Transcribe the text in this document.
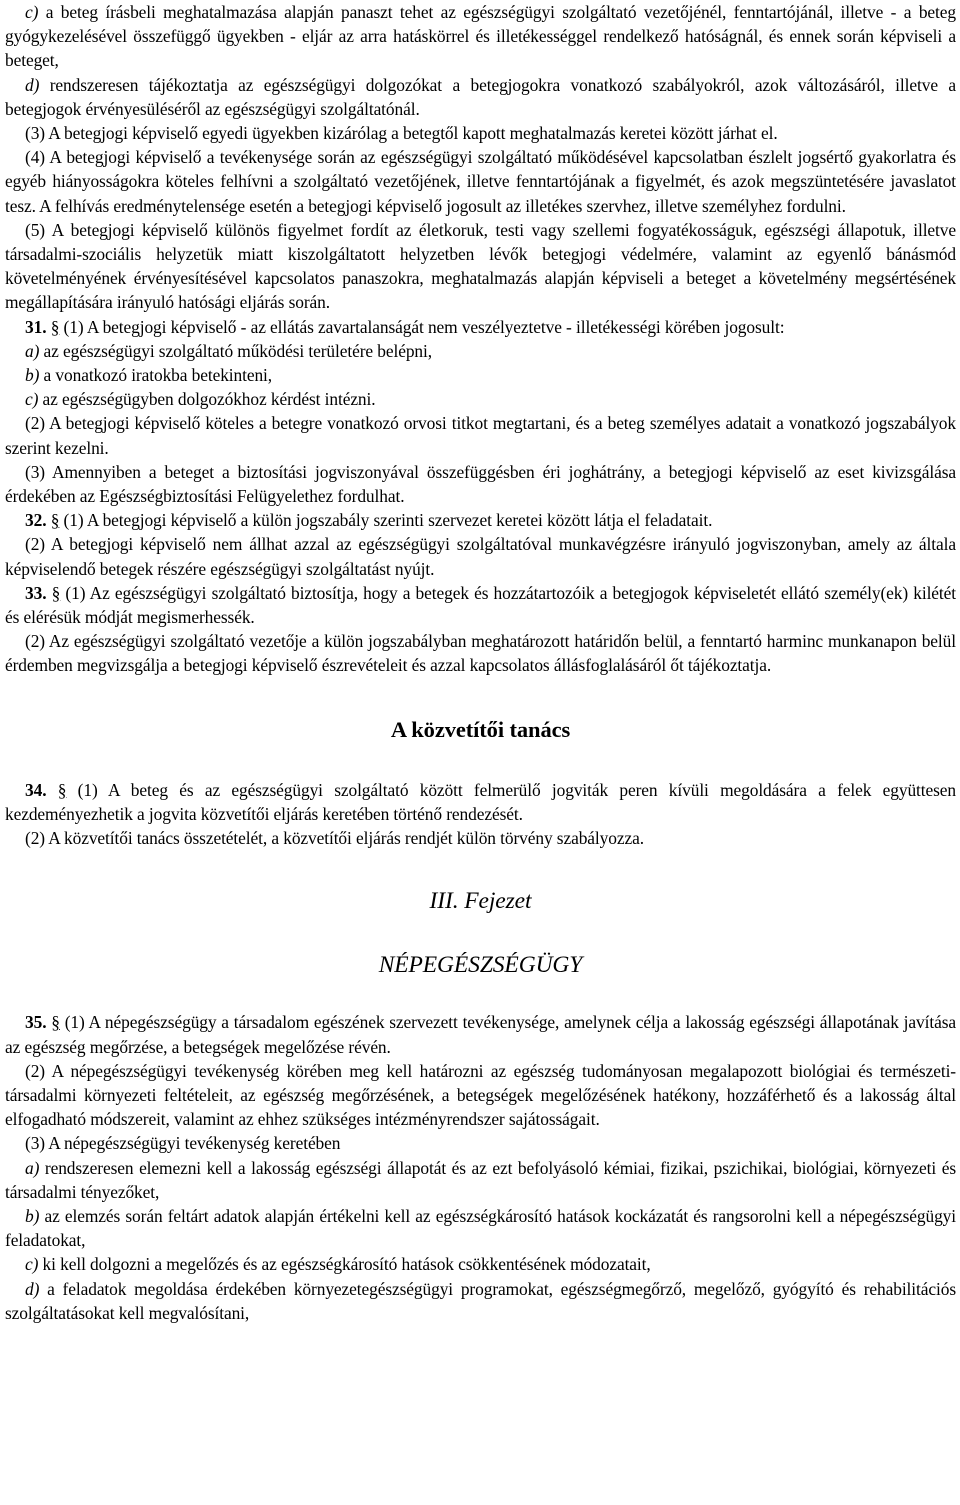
c) a beteg írásbeli meghatalmazása alapján panaszt tehet az egészségügyi szolgáltató vezetőjénél, fenntartójánál, illetve - a beteg gyógykezelésével összefüggő ügyekben - eljár az arra hatáskörrel és illetékességgel rendelkező hatóságnál, és ennek során képviseli a beteget,

d) rendszeresen tájékoztatja az egészségügyi dolgozókat a betegjogokra vonatkozó szabályokról, azok változásáról, illetve a betegjogok érvényesüléséről az egészségügyi szolgáltatónál.

(3) A betegjogi képviselő egyedi ügyekben kizárólag a betegtől kapott meghatalmazás keretei között járhat el.

(4) A betegjogi képviselő a tevékenysége során az egészségügyi szolgáltató működésével kapcsolatban észlelt jogsértő gyakorlatra és egyéb hiányosságokra köteles felhívni a szolgáltató vezetőjének, illetve fenntartójának a figyelmét, és azok megszüntetésére javaslatot tesz. A felhívás eredménytelensége esetén a betegjogi képviselő jogosult az illetékes szervhez, illetve személyhez fordulni.

(5) A betegjogi képviselő különös figyelmet fordít az életkoruk, testi vagy szellemi fogyatékosságuk, egészségi állapotuk, illetve társadalmi-szociális helyzetük miatt kiszolgáltatott helyzetben lévők betegjogi védelmére, valamint az egyenlő bánásmód követelményének érvényesítésével kapcsolatos panaszokra, meghatalmazás alapján képviseli a beteget a követelmény megsértésének megállapítására irányuló hatósági eljárás során.

31. § (1) A betegjogi képviselő - az ellátás zavartalanságát nem veszélyeztetve - illetékességi körében jogosult:

a) az egészségügyi szolgáltató működési területére belépni,

b) a vonatkozó iratokba betekinteni,

c) az egészségügyben dolgozókhoz kérdést intézni.

(2) A betegjogi képviselő köteles a betegre vonatkozó orvosi titkot megtartani, és a beteg személyes adatait a vonatkozó jogszabályok szerint kezelni.

(3) Amennyiben a beteget a biztosítási jogviszonyával összefüggésben éri joghátrány, a betegjogi képviselő az eset kivizsgálása érdekében az Egészségbiztosítási Felügyelethez fordulhat.

32. § (1) A betegjogi képviselő a külön jogszabály szerinti szervezet keretei között látja el feladatait.

(2) A betegjogi képviselő nem állhat azzal az egészségügyi szolgáltatóval munkavégzésre irányuló jogviszonyban, amely az általa képviselendő betegek részére egészségügyi szolgáltatást nyújt.

33. § (1) Az egészségügyi szolgáltató biztosítja, hogy a betegek és hozzátartozóik a betegjogok képviseletét ellátó személy(ek) kilétét és elérésük módját megismerhessék.

(2) Az egészségügyi szolgáltató vezetője a külön jogszabályban meghatározott határidőn belül, a fenntartó harminc munkanapon belül érdemben megvizsgálja a betegjogi képviselő észrevételeit és azzal kapcsolatos állásfoglalásáról őt tájékoztatja.

A közvetítői tanács

34. § (1) A beteg és az egészségügyi szolgáltató között felmerülő jogviták peren kívüli megoldására a felek együttesen kezdeményezhetik a jogvita közvetítői eljárás keretében történő rendezését.

(2) A közvetítői tanács összetételét, a közvetítői eljárás rendjét külön törvény szabályozza.

III. Fejezet
NÉPEGÉSZSÉGÜGY

35. § (1) A népegészségügy a társadalom egészének szervezett tevékenysége, amelynek célja a lakosság egészségi állapotának javítása az egészség megőrzése, a betegségek megelőzése révén.

(2) A népegészségügyi tevékenység körében meg kell határozni az egészség tudományosan megalapozott biológiai és természeti-társadalmi környezeti feltételeit, az egészség megőrzésének, a betegségek megelőzésének hatékony, hozzáférhető és a lakosság által elfogadható módszereit, valamint az ehhez szükséges intézményrendszer sajátosságait.

(3) A népegészségügyi tevékenység keretében

a) rendszeresen elemezni kell a lakosság egészségi állapotát és az ezt befolyásoló kémiai, fizikai, pszichikai, biológiai, környezeti és társadalmi tényezőket,

b) az elemzés során feltárt adatok alapján értékelni kell az egészségkárosító hatások kockázatát és rangsorolni kell a népegészségügyi feladatokat,

c) ki kell dolgozni a megelőzés és az egészségkárosító hatások csökkentésének módozatait,

d) a feladatok megoldása érdekében környezetegészségügyi programokat, egészségmegőrző, megelőző, gyógyító és rehabilitációs szolgáltatásokat kell megvalósítani,
